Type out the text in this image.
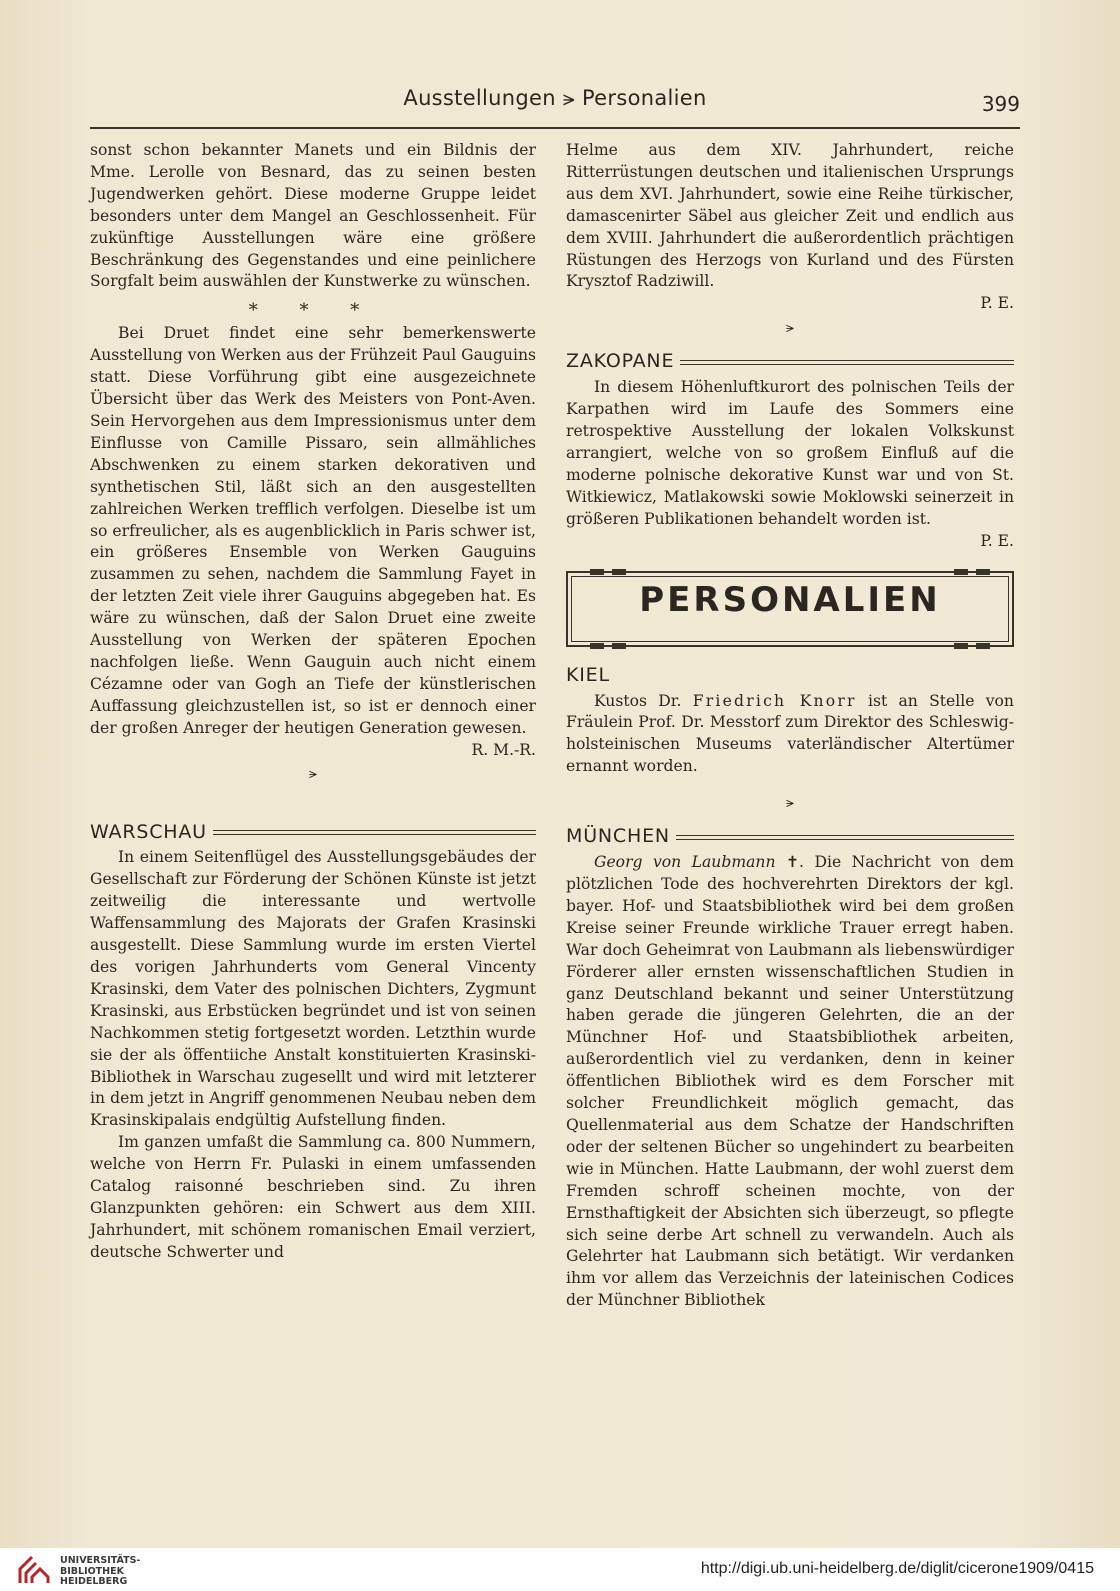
Ausstellungen ⪫ Personalien	399

sonst schon bekannter Manets und ein Bildnis der Mme. Lerolle von Besnard, das zu seinen besten Jugendwerken gehört. Diese moderne Gruppe leidet besonders unter dem Mangel an Geschlossenheit. Für zukünftige Ausstellungen wäre eine größere Beschränkung des Gegenstandes und eine peinlichere Sorgfalt beim auswählen der Kunstwerke zu wünschen.

* * *

Bei Druet findet eine sehr bemerkenswerte Ausstellung von Werken aus der Frühzeit Paul Gauguins statt. Diese Vorführung gibt eine ausgezeichnete Übersicht über das Werk des Meisters von Pont-Aven. Sein Hervorgehen aus dem Impressionismus unter dem Einflusse von Camille Pissaro, sein allmähliches Abschwenken zu einem starken dekorativen und synthetischen Stil, läßt sich an den ausgestellten zahlreichen Werken trefflich verfolgen. Dieselbe ist um so erfreulicher, als es augenblicklich in Paris schwer ist, ein größeres Ensemble von Werken Gauguins zusammen zu sehen, nachdem die Sammlung Fayet in der letzten Zeit viele ihrer Gauguins abgegeben hat. Es wäre zu wünschen, daß der Salon Druet eine zweite Ausstellung von Werken der späteren Epochen nachfolgen ließe. Wenn Gauguin auch nicht einem Cézamne oder van Gogh an Tiefe der künstlerischen Auffassung gleichzustellen ist, so ist er dennoch einer der großen Anreger der heutigen Generation gewesen.

R. M.-R.
⪫
WARSCHAU

In einem Seitenflügel des Ausstellungsgebäudes der Gesellschaft zur Förderung der Schönen Künste ist jetzt zeitweilig die interessante und wertvolle Waffensammlung des Majorats der Grafen Krasinski ausgestellt. Diese Sammlung wurde im ersten Viertel des vorigen Jahrhunderts vom General Vincenty Krasinski, dem Vater des polnischen Dichters, Zygmunt Krasinski, aus Erbstücken begründet und ist von seinen Nachkommen stetig fortgesetzt worden. Letzthin wurde sie der als öffentiiche Anstalt konstituierten Krasinski-Bibliothek in Warschau zugesellt und wird mit letzterer in dem jetzt in Angriff genommenen Neubau neben dem Krasinskipalais endgültig Aufstellung finden.

Im ganzen umfaßt die Sammlung ca. 800 Nummern, welche von Herrn Fr. Pulaski in einem umfassenden Catalog raisonné beschrieben sind. Zu ihren Glanzpunkten gehören: ein Schwert aus dem XIII. Jahrhundert, mit schönem romanischen Email verziert, deutsche Schwerter und

Helme aus dem XIV. Jahrhundert, reiche Ritterrüstungen deutschen und italienischen Ursprungs aus dem XVI. Jahrhundert, sowie eine Reihe türkischer, damascenirter Säbel aus gleicher Zeit und endlich aus dem XVIII. Jahrhundert die außerordentlich prächtigen Rüstungen des Herzogs von Kurland und des Fürsten Krysztof Radziwill.

P. E.
⪫
ZAKOPANE

In diesem Höhenluftkurort des polnischen Teils der Karpathen wird im Laufe des Sommers eine retrospektive Ausstellung der lokalen Volkskunst arrangiert, welche von so großem Einfluß auf die moderne polnische dekorative Kunst war und von St. Witkiewicz, Matlakowski sowie Moklowski seinerzeit in größeren Publikationen behandelt worden ist.

P. E.
PERSONALIEN
KIEL

Kustos Dr. Friedrich Knorr ist an Stelle von Fräulein Prof. Dr. Messtorf zum Direktor des Schleswig-holsteinischen Museums vaterländischer Altertümer ernannt worden.

⪫
MÜNCHEN

Georg von Laubmann ✝. Die Nachricht von dem plötzlichen Tode des hochverehrten Direktors der kgl. bayer. Hof- und Staatsbibliothek wird bei dem großen Kreise seiner Freunde wirkliche Trauer erregt haben. War doch Geheimrat von Laubmann als liebenswürdiger Förderer aller ernsten wissenschaftlichen Studien in ganz Deutschland bekannt und seiner Unterstützung haben gerade die jüngeren Gelehrten, die an der Münchner Hof- und Staatsbibliothek arbeiten, außerordentlich viel zu verdanken, denn in keiner öffentlichen Bibliothek wird es dem Forscher mit solcher Freundlichkeit möglich gemacht, das Quellenmaterial aus dem Schatze der Handschriften oder der seltenen Bücher so ungehindert zu bearbeiten wie in München. Hatte Laubmann, der wohl zuerst dem Fremden schroff scheinen mochte, von der Ernsthaftigkeit der Absichten sich überzeugt, so pflegte sich seine derbe Art schnell zu verwandeln. Auch als Gelehrter hat Laubmann sich betätigt. Wir verdanken ihm vor allem das Verzeichnis der lateinischen Codices der Münchner Bibliothek

UNIVERSITÄTS-
BIBLIOTHEK
HEIDELBERG
http://digi.ub.uni-heidelberg.de/diglit/cicerone1909/0415
